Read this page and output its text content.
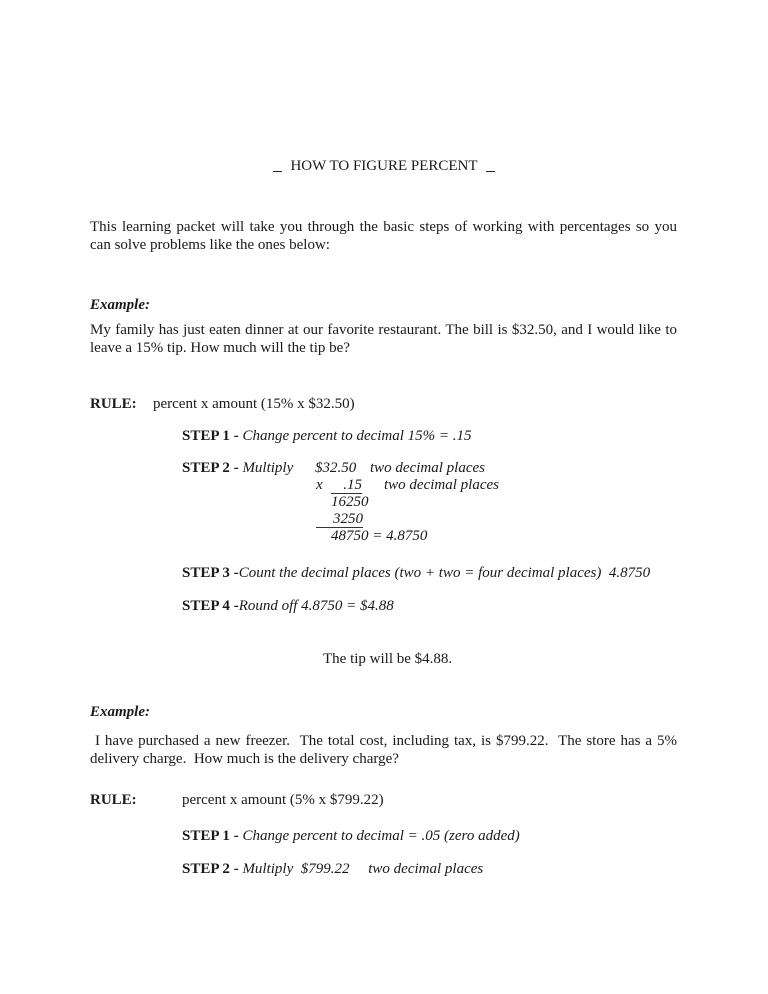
HOW TO FIGURE PERCENT
This learning packet will take you through the basic steps of working with percentages so you can solve problems like the ones below:
Example:
My family has just eaten dinner at our favorite restaurant. The bill is $32.50, and I would like to leave a 15% tip. How much will the tip be?
RULE: percent x amount (15% x $32.50)
STEP 1 - Change percent to decimal 15% = .15
STEP 2 - Multiply $32.50 two decimal places
x	.15 two decimal places
16250
3250
48750 = 4.8750
STEP 3 -Count the decimal places (two + two = four decimal places)  4.8750
STEP 4 -Round off 4.8750 = $4.88
The tip will be $4.88.
Example:
I have purchased a new freezer.  The total cost, including tax, is $799.22.  The store has a 5% delivery charge.  How much is the delivery charge?
RULE:	percent x amount (5% x $799.22)
STEP 1 - Change percent to decimal = .05 (zero added)
STEP 2 - Multiply  $799.22     two decimal places
